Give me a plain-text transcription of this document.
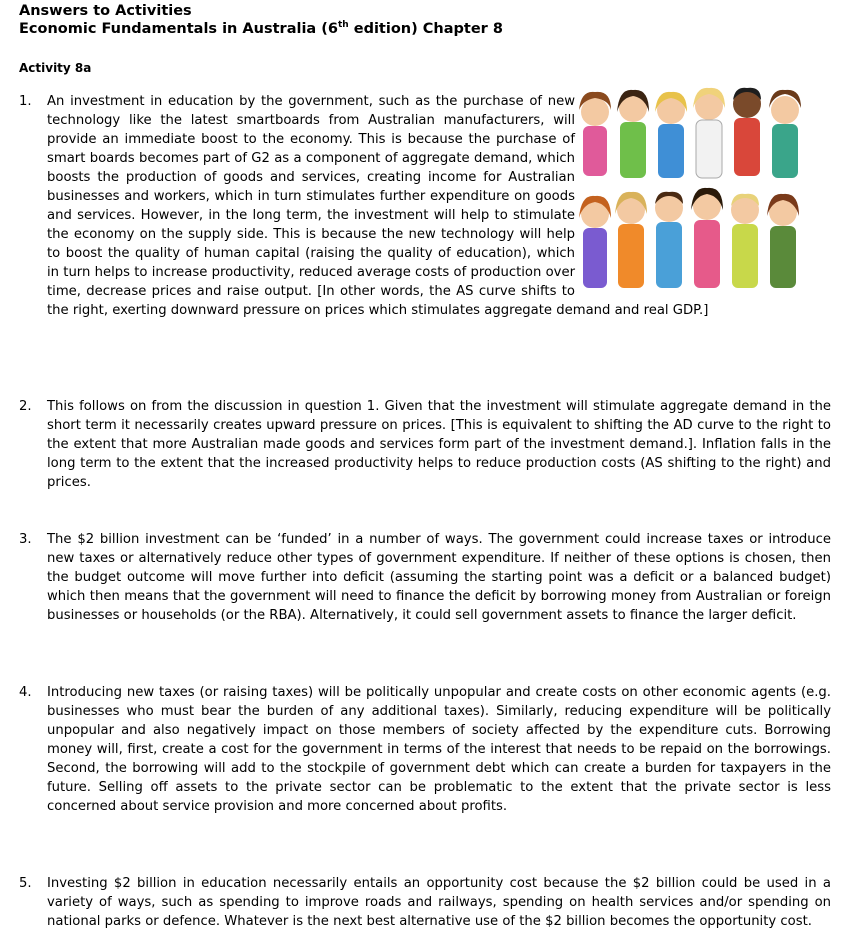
Answers to Activities
Economic Fundamentals in Australia (6th edition) Chapter 8
Activity 8a
1. An investment in education by the government, such as the purchase of new technology like the latest smartboards from Australian manufacturers, will provide an immediate boost to the economy. This is because the purchase of smart boards becomes part of G2 as a component of aggregate demand, which boosts the production of goods and services, creating income for Australian businesses and workers, which in turn stimulates further expenditure on goods and services. However, in the long term, the investment will help to stimulate the economy on the supply side. This is because the new technology will help to boost the quality of human capital (raising the quality of education), which in turn helps to increase productivity, reduced average costs of production over time, decrease prices and raise output. [In other words, the AS curve shifts to the right, exerting downward pressure on prices which stimulates aggregate demand and real GDP.]
2. This follows on from the discussion in question 1. Given that the investment will stimulate aggregate demand in the short term it necessarily creates upward pressure on prices. [This is equivalent to shifting the AD curve to the right to the extent that more Australian made goods and services form part of the investment demand.]. Inflation falls in the long term to the extent that the increased productivity helps to reduce production costs (AS shifting to the right) and prices.
3. The $2 billion investment can be ‘funded’ in a number of ways. The government could increase taxes or introduce new taxes or alternatively reduce other types of government expenditure. If neither of these options is chosen, then the budget outcome will move further into deficit (assuming the starting point was a deficit or a balanced budget) which then means that the government will need to finance the deficit by borrowing money from Australian or foreign businesses or households (or the RBA). Alternatively, it could sell government assets to finance the larger deficit.
4. Introducing new taxes (or raising taxes) will be politically unpopular and create costs on other economic agents (e.g. businesses who must bear the burden of any additional taxes). Similarly, reducing expenditure will be politically unpopular and also negatively impact on those members of society affected by the expenditure cuts. Borrowing money will, first, create a cost for the government in terms of the interest that needs to be repaid on the borrowings. Second, the borrowing will add to the stockpile of government debt which can create a burden for taxpayers in the future. Selling off assets to the private sector can be problematic to the extent that the private sector is less concerned about service provision and more concerned about profits.
5. Investing $2 billion in education necessarily entails an opportunity cost because the $2 billion could be used in a variety of ways, such as spending to improve roads and railways, spending on health services and/or spending on national parks or defence. Whatever is the next best alternative use of the $2 billion becomes the opportunity cost.
